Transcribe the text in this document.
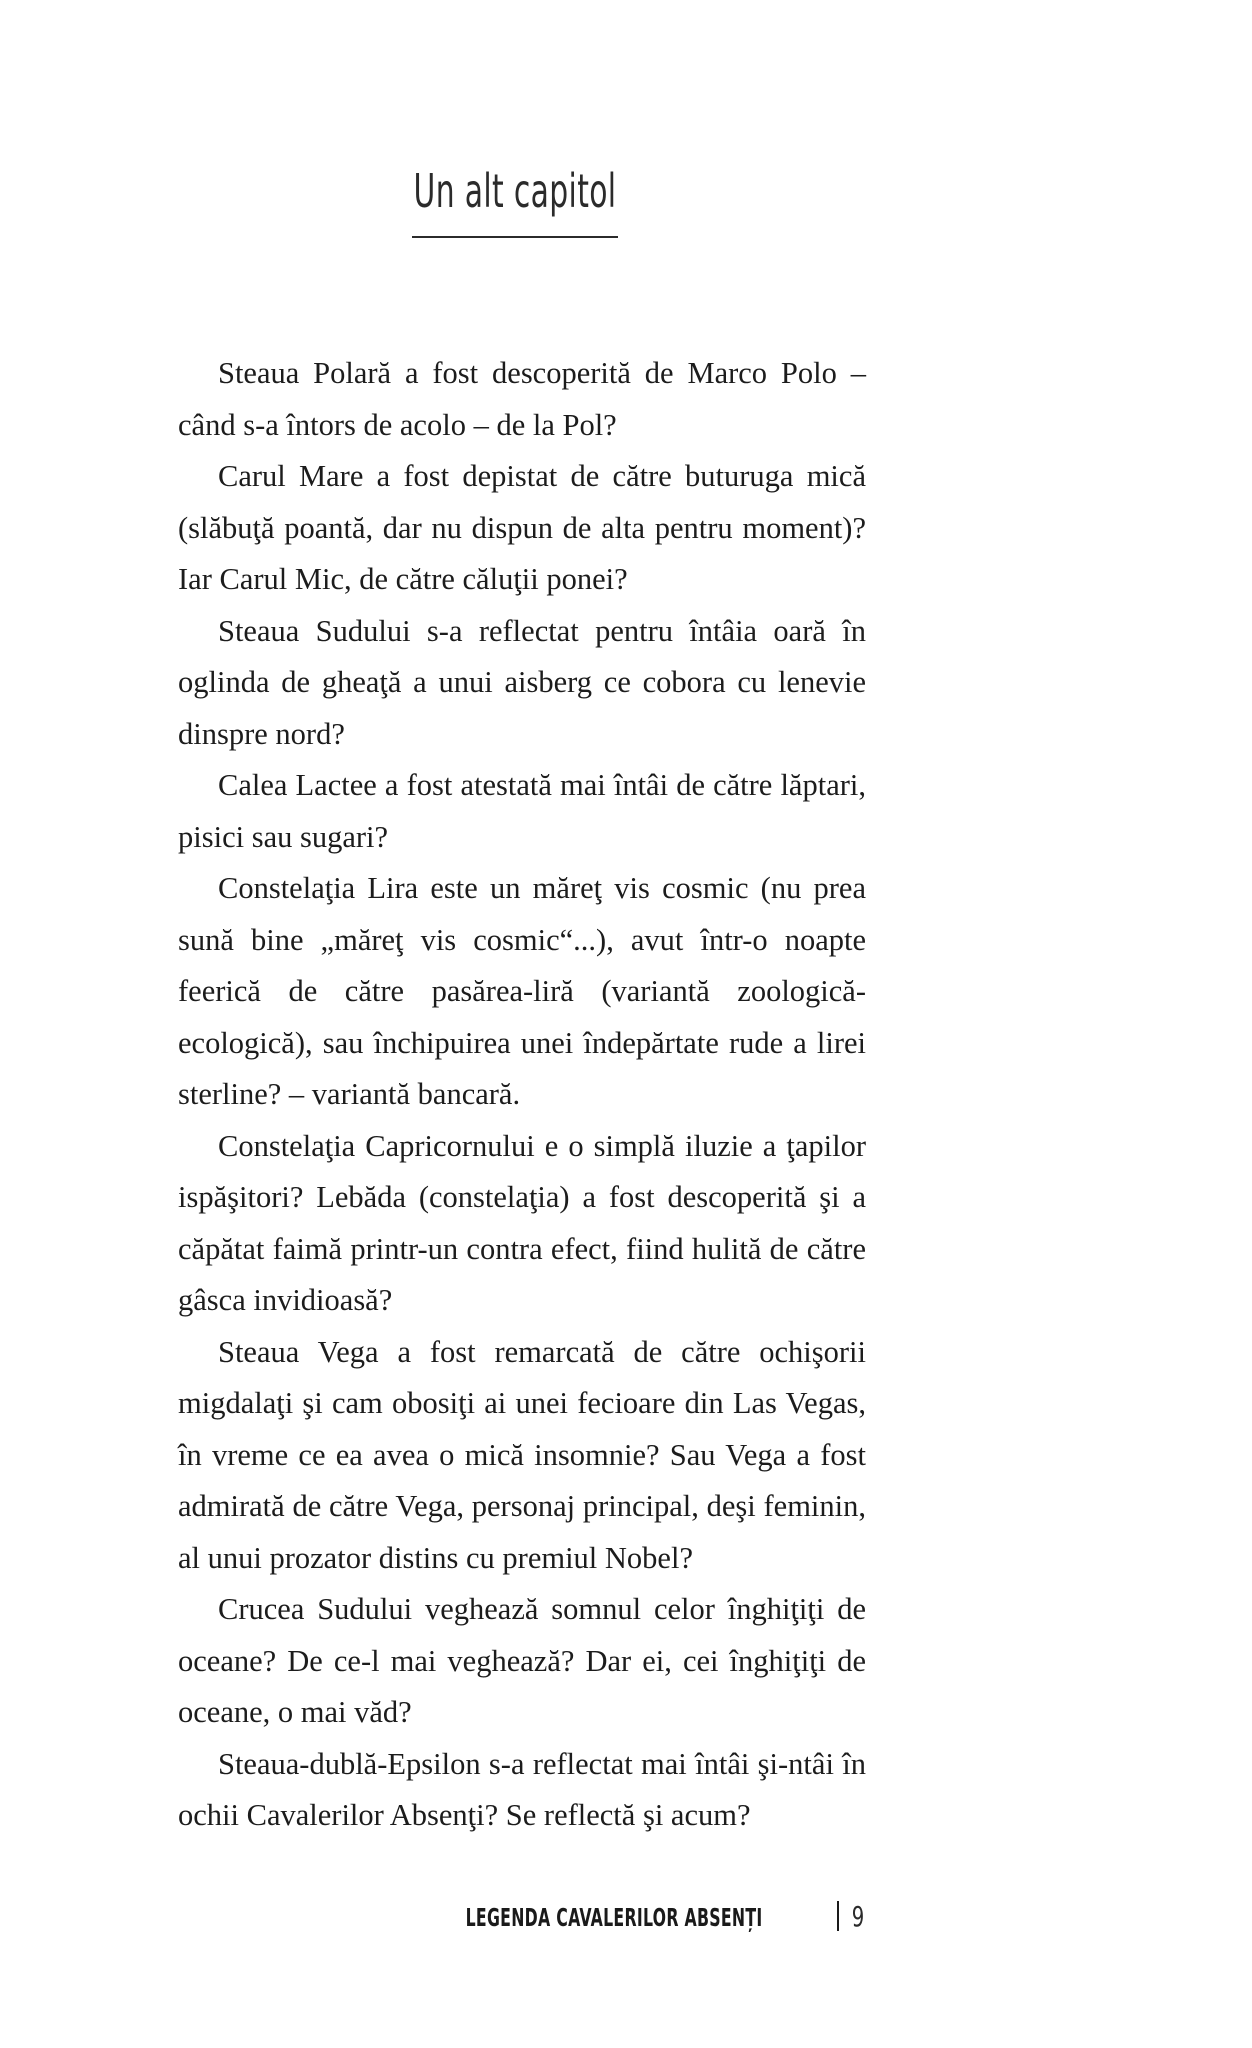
Un alt capitol

Steaua Polară a fost descoperită de Marco Polo – când s-a întors de acolo – de la Pol?

Carul Mare a fost depistat de către buturuga mică (slăbuţă poantă, dar nu dispun de alta pentru moment)? Iar Carul Mic, de către căluţii ponei?

Steaua Sudului s-a reflectat pentru întâia oară în oglinda de gheaţă a unui aisberg ce cobora cu lenevie dinspre nord?

Calea Lactee a fost atestată mai întâi de către lăptari, pisici sau sugari?

Constelaţia Lira este un măreţ vis cosmic (nu prea sună bine „măreţ vis cosmic“...), avut într-o noapte feerică de către pasărea-liră (variantă zoologică-ecologică), sau închipuirea unei îndepărtate rude a lirei sterline? – variantă bancară.

Constelaţia Capricornului e o simplă iluzie a ţapilor ispăşitori? Lebăda (constelaţia) a fost descoperită şi a căpătat faimă printr-un contra efect, fiind hulită de către gâsca invidioasă?

Steaua Vega a fost remarcată de către ochişorii migdalaţi şi cam obosiţi ai unei fecioare din Las Vegas, în vreme ce ea avea o mică insomnie? Sau Vega a fost admirată de către Vega, personaj principal, deşi feminin, al unui prozator distins cu premiul Nobel?

Crucea Sudului veghează somnul celor înghiţiţi de oceane? De ce-l mai veghează? Dar ei, cei înghiţiţi de oceane, o mai văd?

Steaua-dublă-Epsilon s-a reflectat mai întâi şi-ntâi în ochii Cavalerilor Absenţi? Se reflectă şi acum?

LEGENDA CAVALERILOR ABSENȚI	9
